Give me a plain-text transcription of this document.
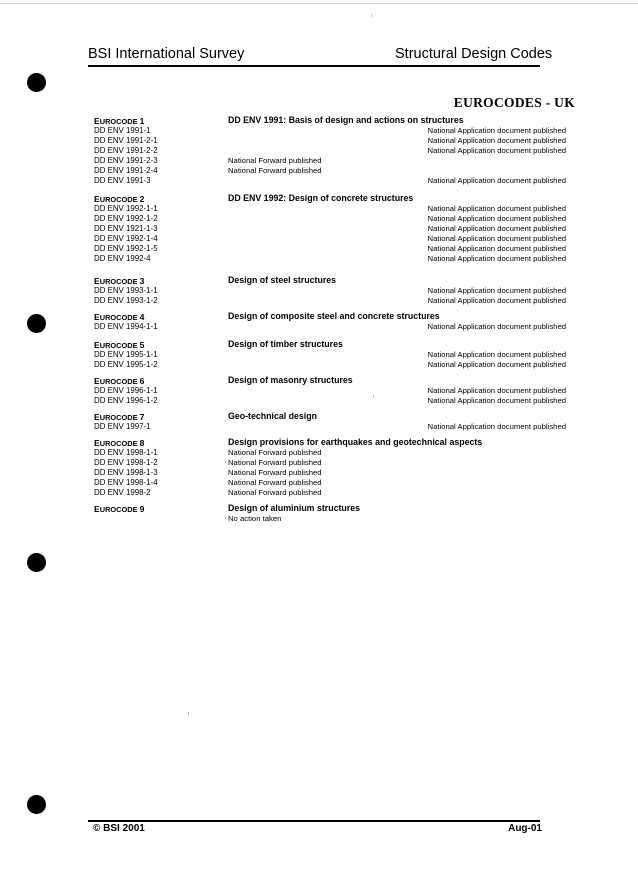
BSI International Survey	Structural Design Codes
EUROCODES - UK
EUROCODE 1	DD ENV 1991: Basis of design and actions on structures
DD ENV 1991-1	National Application document published
DD ENV 1991-2-1	National Application document published
DD ENV 1991-2-2	National Application document published
DD ENV 1991-2-3	National Forward published
DD ENV 1991-2-4	National Forward published
DD ENV 1991-3	National Application document published
EUROCODE 2	DD ENV 1992: Design of concrete structures
DD ENV 1992-1-1	National Application document published
DD ENV 1992-1-2	National Application document published
DD ENV 1921-1-3	National Application document published
DD ENV 1992-1-4	National Application document published
DD ENV 1992-1-5	National Application document published
DD ENV 1992-4	National Application document published
EUROCODE 3	Design of steel structures
DD ENV 1993-1-1	National Application document published
DD ENV 1993-1-2	National Application document published
EUROCODE 4	Design of composite steel and concrete structures
DD ENV 1994-1-1	National Application document published
EUROCODE 5	Design of timber structures
DD ENV 1995-1-1	National Application document published
DD ENV 1995-1-2	National Application document published
EUROCODE 6	Design of masonry structures
DD ENV 1996-1-1	National Application document published
DD ENV 1996-1-2	National Application document published
EUROCODE 7	Geo-technical design
DD ENV 1997-1	National Application document published
EUROCODE 8	Design provisions for earthquakes and geotechnical aspects
DD ENV 1998-1-1	National Forward published
DD ENV 1998-1-2	National Forward published
DD ENV 1998-1-3	National Forward published
DD ENV 1998-1-4	National Forward published
DD ENV 1998-2	National Forward published
EUROCODE 9	Design of aluminium structures
No action taken
© BSI 2001	Aug-01
